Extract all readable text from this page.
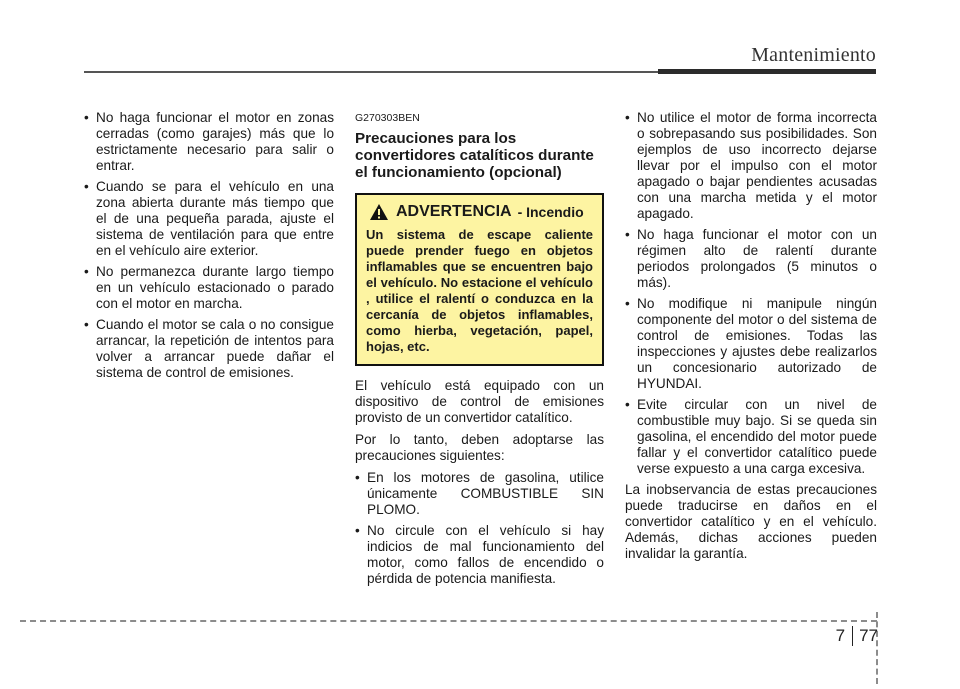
Mantenimiento
• No haga funcionar el motor en zonas cerradas (como garajes) más que lo estrictamente necesario para salir o entrar.
• Cuando se para el vehículo en una zona abierta durante más tiempo que el de una pequeña parada, ajuste el sistema de ventilación para que entre en el vehículo aire exterior.
• No permanezca durante largo tiempo en un vehículo estacionado o parado con el motor en marcha.
• Cuando el motor se cala o no consigue arrancar, la repetición de intentos para volver a arrancar puede dañar el sistema de control de emisiones.
G270303BEN
Precauciones para los convertidores catalíticos durante el funcionamiento (opcional)
ADVERTENCIA - Incendio
Un sistema de escape caliente puede prender fuego en objetos inflamables que se encuentren bajo el vehículo. No estacione el vehículo , utilice el ralentí o conduzca en la cercanía de objetos inflamables, como hierba, vegetación, papel, hojas, etc.

El vehículo está equipado con un dispositivo de control de emisiones provisto de un convertidor catalítico.

Por lo tanto, deben adoptarse las precauciones siguientes:

• En los motores de gasolina, utilice únicamente COMBUSTIBLE SIN PLOMO.
• No circule con el vehículo si hay indicios de mal funcionamiento del motor, como fallos de encendido o pérdida de potencia manifiesta.
• No utilice el motor de forma incorrecta o sobrepasando sus posibilidades. Son ejemplos de uso incorrecto dejarse llevar por el impulso con el motor apagado o bajar pendientes acusadas con una marcha metida y el motor apagado.
• No haga funcionar el motor con un régimen alto de ralentí durante periodos prolongados (5 minutos o más).
• No modifique ni manipule ningún componente del motor o del sistema de control de emisiones. Todas las inspecciones y ajustes debe realizarlos un concesionario autorizado de HYUNDAI.
• Evite circular con un nivel de combustible muy bajo. Si se queda sin gasolina, el encendido del motor puede fallar y el convertidor catalítico puede verse expuesto a una carga excesiva.

La inobservancia de estas precauciones puede traducirse en daños en el convertidor catalítico y en el vehículo. Además, dichas acciones pueden invalidar la garantía.

7 77
